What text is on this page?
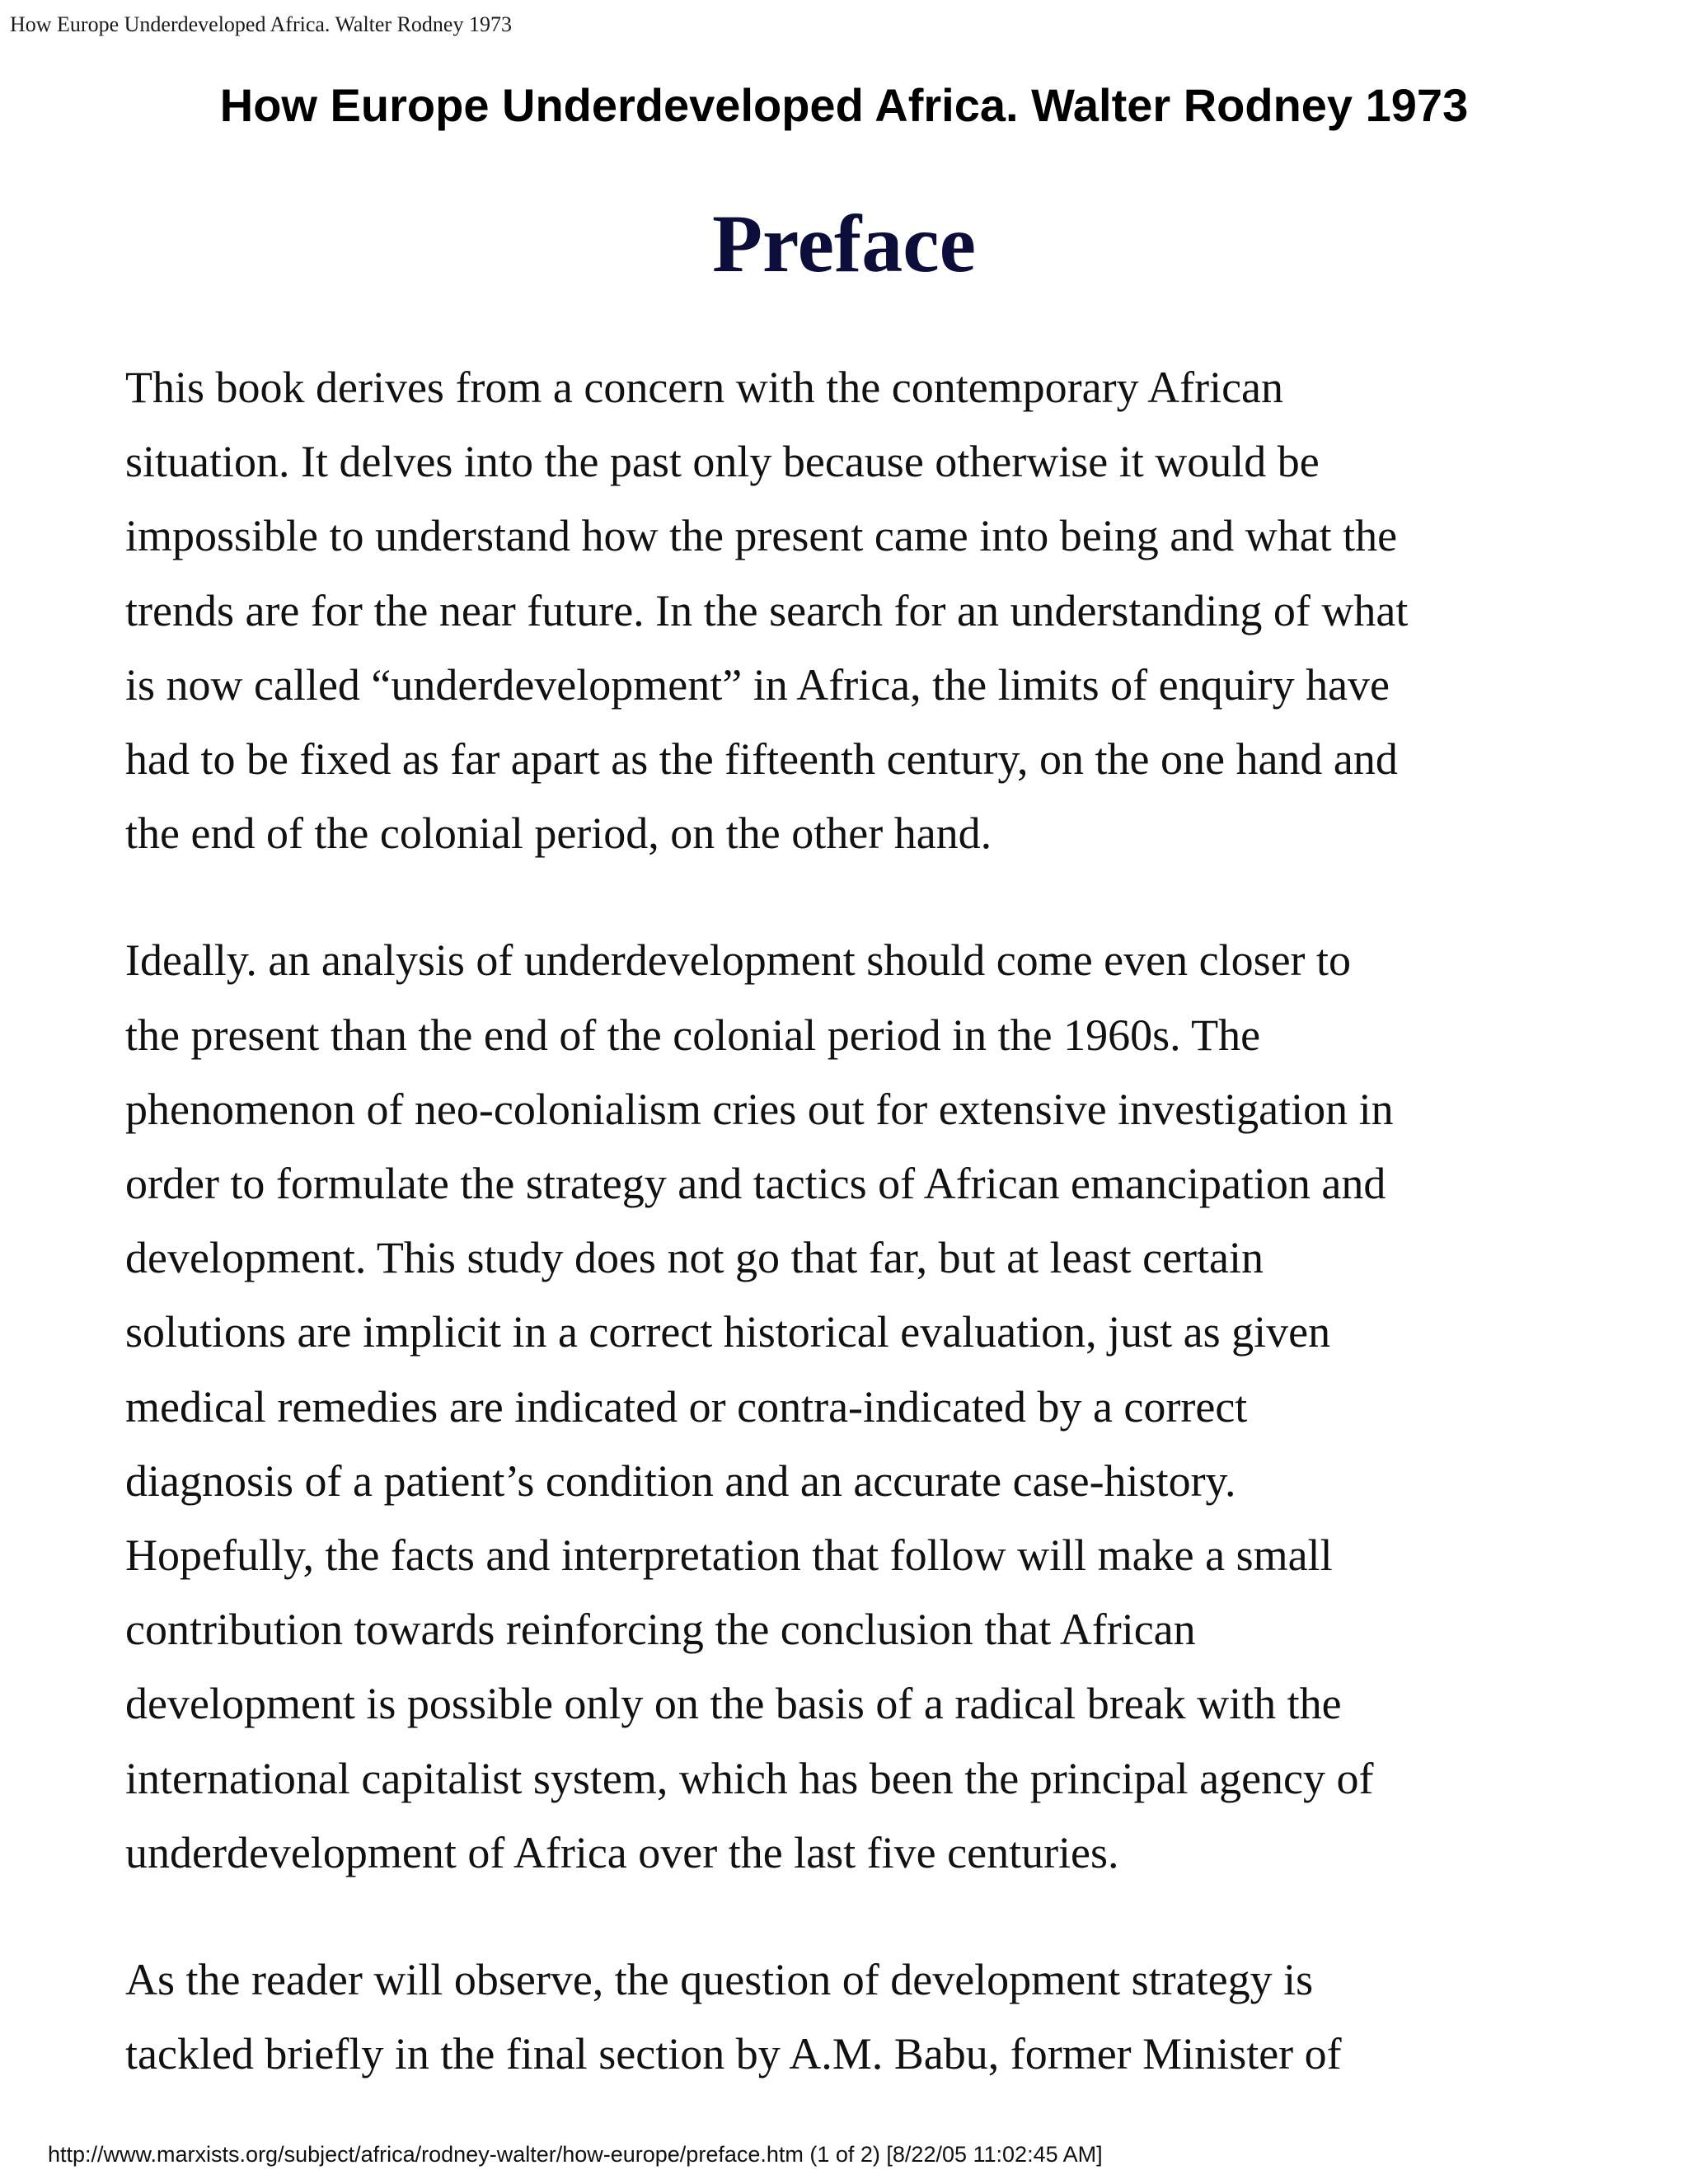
How Europe Underdeveloped Africa. Walter Rodney 1973
How Europe Underdeveloped Africa. Walter Rodney 1973
Preface

This book derives from a concern with the contemporary African
situation. It delves into the past only because otherwise it would be
impossible to understand how the present came into being and what the
trends are for the near future. In the search for an understanding of what
is now called “underdevelopment” in Africa, the limits of enquiry have
had to be fixed as far apart as the fifteenth century, on the one hand and
the end of the colonial period, on the other hand.

Ideally. an analysis of underdevelopment should come even closer to
the present than the end of the colonial period in the 1960s. The
phenomenon of neo-colonialism cries out for extensive investigation in
order to formulate the strategy and tactics of African emancipation and
development. This study does not go that far, but at least certain
solutions are implicit in a correct historical evaluation, just as given
medical remedies are indicated or contra-indicated by a correct
diagnosis of a patient’s condition and an accurate case-history.
Hopefully, the facts and interpretation that follow will make a small
contribution towards reinforcing the conclusion that African
development is possible only on the basis of a radical break with the
international capitalist system, which has been the principal agency of
underdevelopment of Africa over the last five centuries.

As the reader will observe, the question of development strategy is
tackled briefly in the final section by A.M. Babu, former Minister of

http://www.marxists.org/subject/africa/rodney-walter/how-europe/preface.htm (1 of 2) [8/22/05 11:02:45 AM]
